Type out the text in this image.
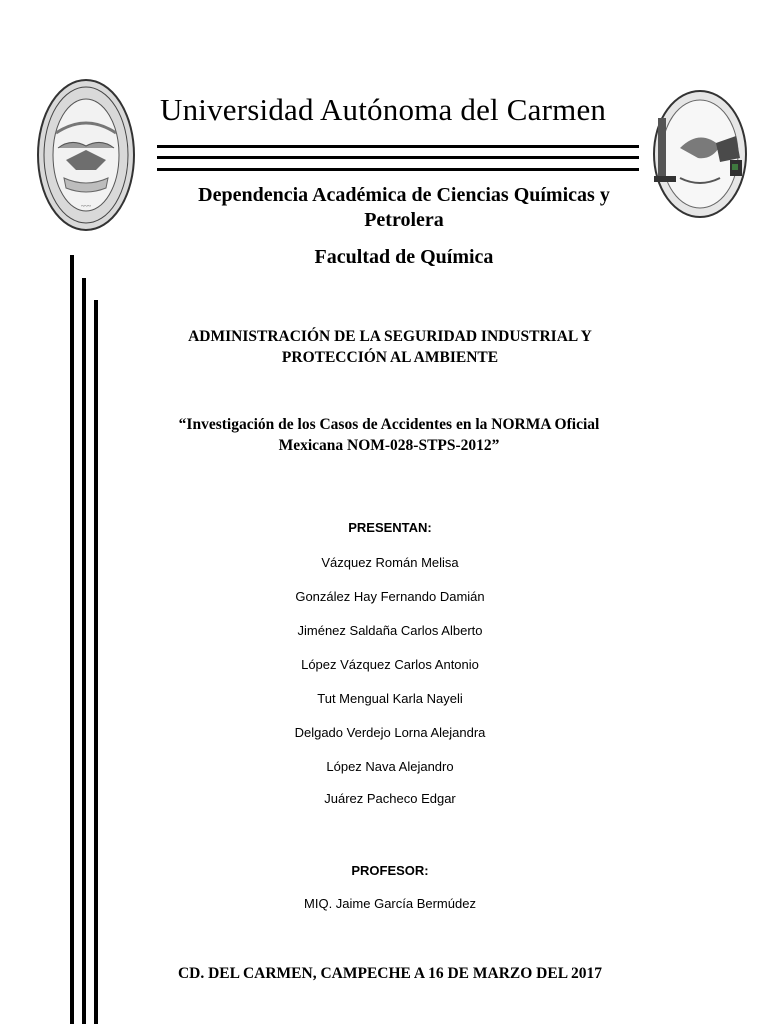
~~~
Universidad Autónoma del Carmen
Dependencia Académica de Ciencias Químicas y Petrolera
Facultad de Química
ADMINISTRACIÓN DE LA SEGURIDAD INDUSTRIAL Y PROTECCIÓN AL AMBIENTE
“Investigación de los Casos de Accidentes en la NORMA Oficial Mexicana NOM-028-STPS-2012”
PRESENTAN:
Vázquez Román Melisa
González Hay Fernando Damián
Jiménez Saldaña Carlos Alberto
López Vázquez Carlos Antonio
Tut Mengual Karla Nayeli
Delgado Verdejo Lorna Alejandra
López Nava Alejandro
Juárez Pacheco Edgar
PROFESOR:
MIQ. Jaime García Bermúdez
CD. DEL CARMEN, CAMPECHE A 16 DE MARZO DEL 2017
